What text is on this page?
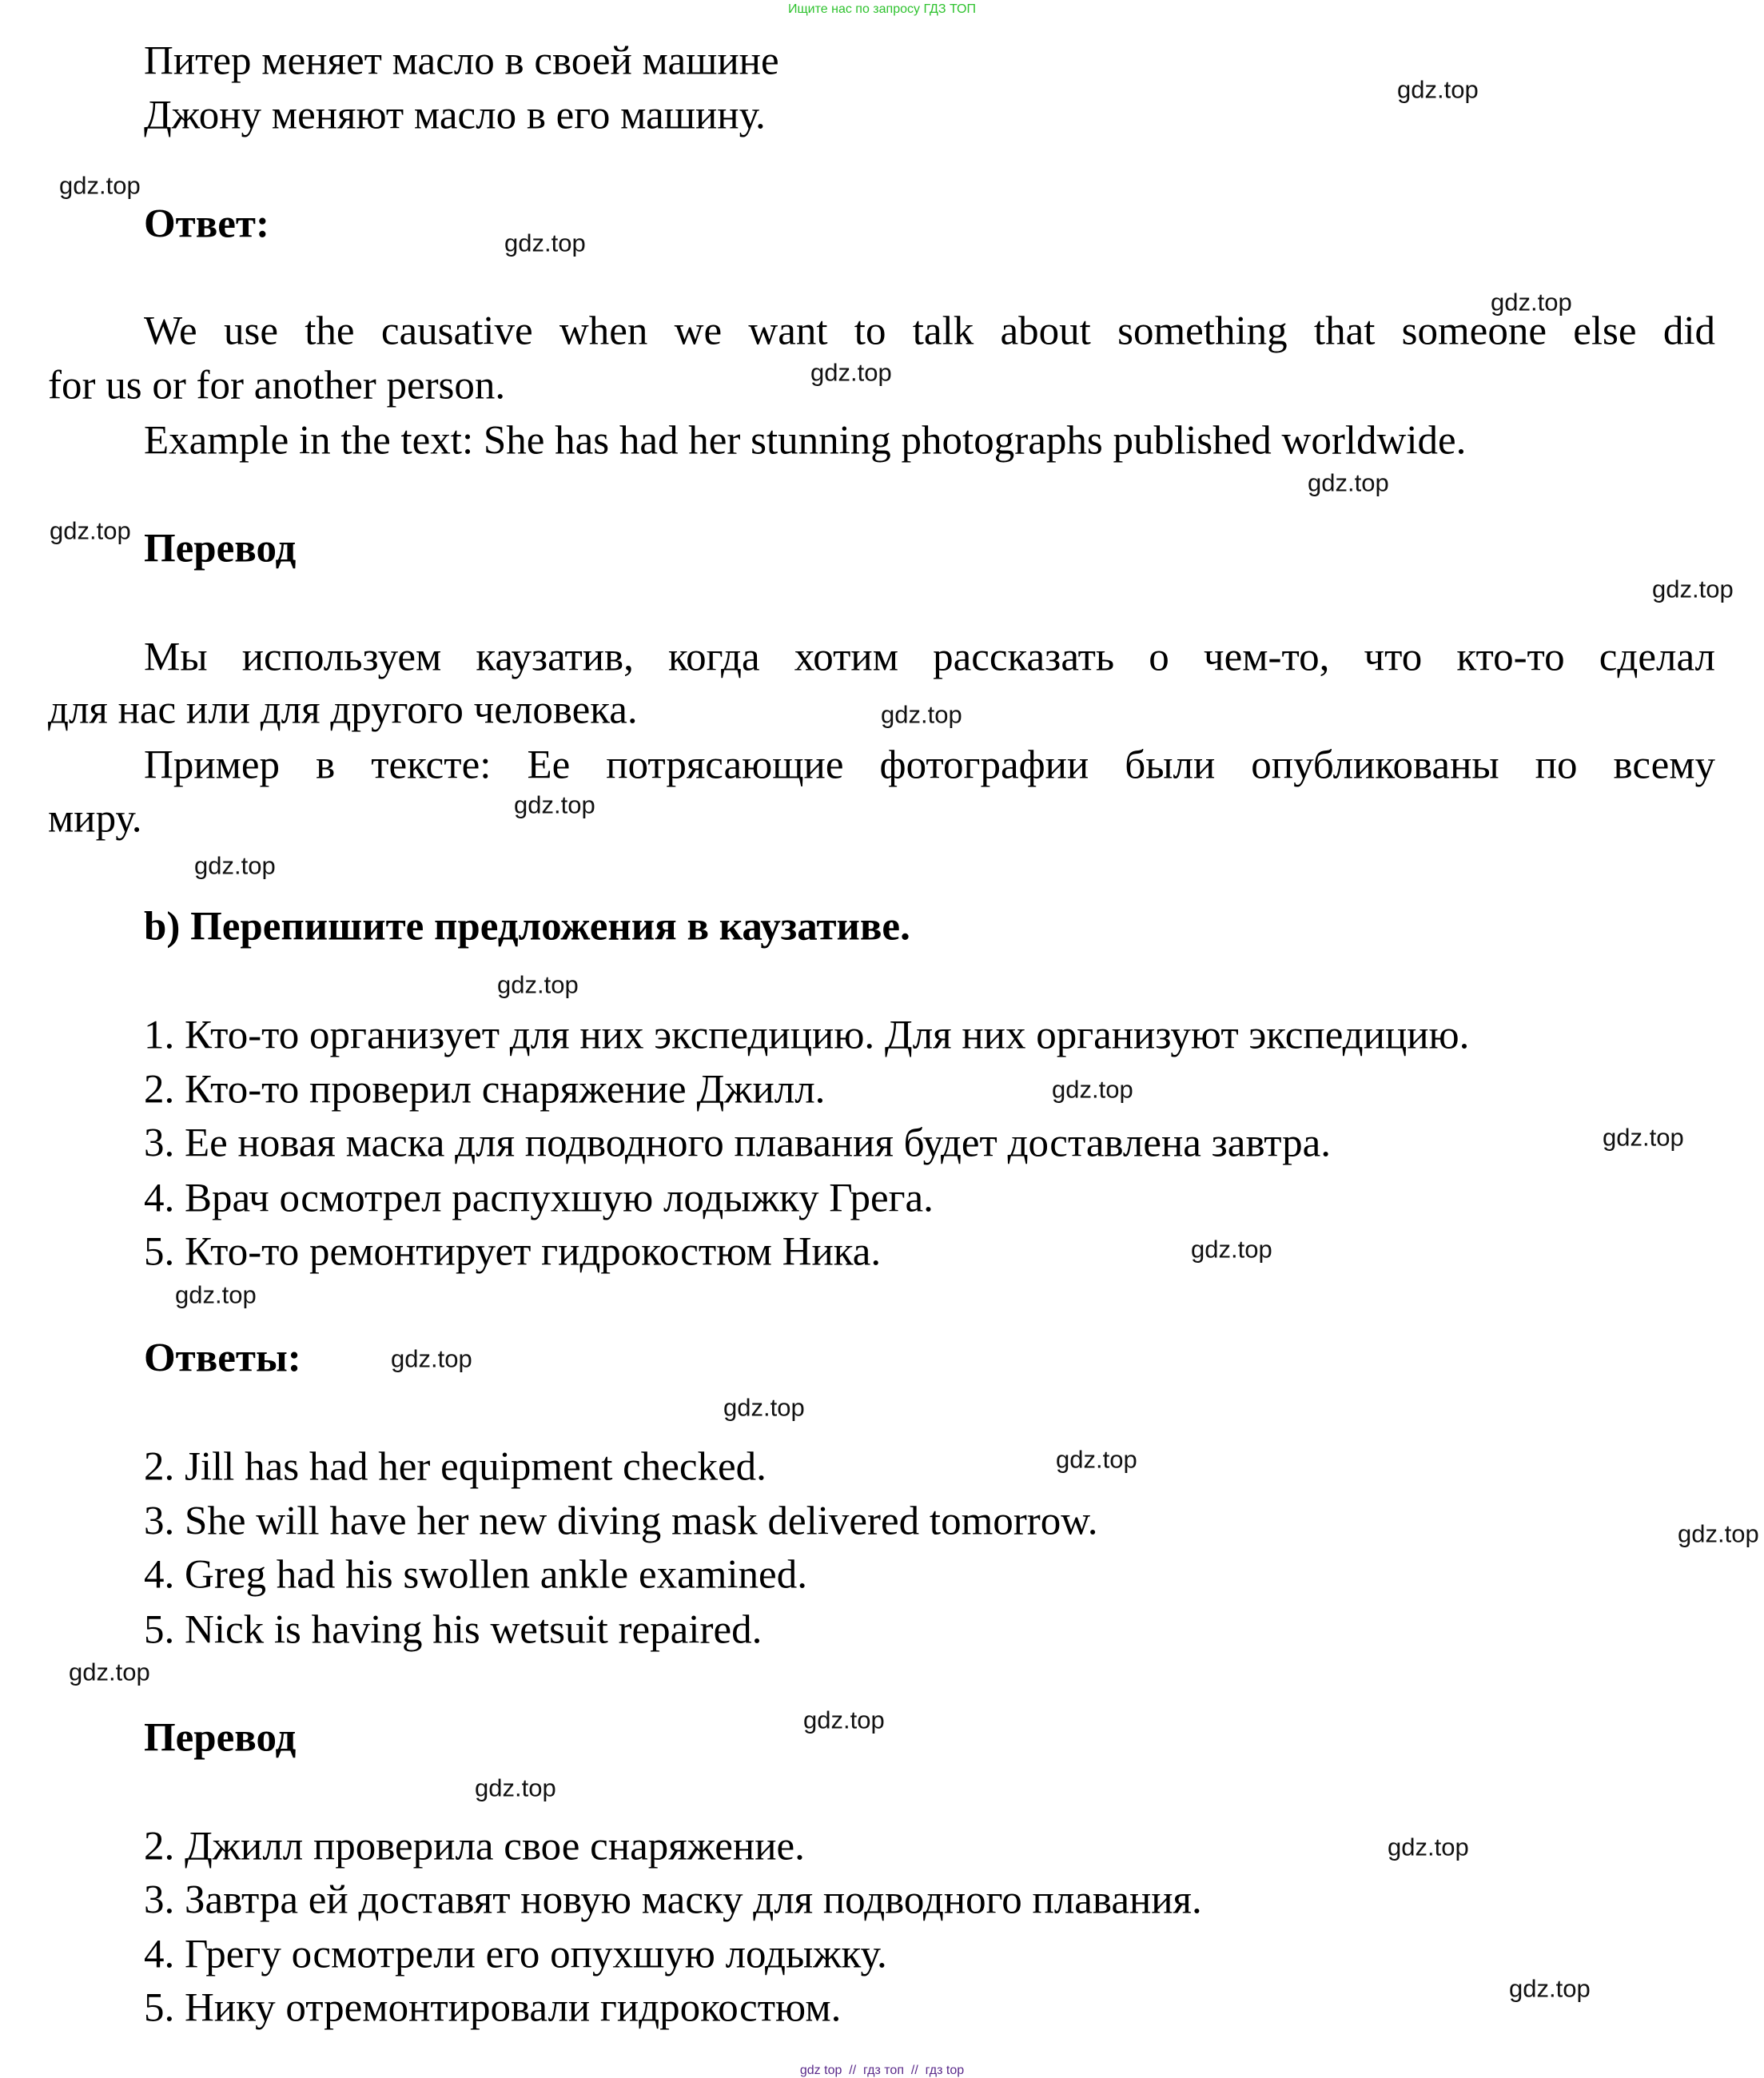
Ищите нас по запросу ГДЗ ТОП
Питер меняет масло в своей машине
Джону меняют масло в его машину.
Ответ:
We use the causative when we want to talk about something that someone else did
for us or for another person.
Example in the text: She has had her stunning photographs published worldwide.
Перевод
Мы используем каузатив, когда хотим рассказать о чем-то, что кто-то сделал
для нас или для другого человека.
Пример в тексте: Ее потрясающие фотографии были опубликованы по всему
миру.
b) Перепишите предложения в каузативе.
1. Кто-то организует для них экспедицию. Для них организуют экспедицию.
2. Кто-то проверил снаряжение Джилл.
3. Ее новая маска для подводного плавания будет доставлена завтра.
4. Врач осмотрел распухшую лодыжку Грега.
5. Кто-то ремонтирует гидрокостюм Ника.
Ответы:
2. Jill has had her equipment checked.
3. She will have her new diving mask delivered tomorrow.
4. Greg had his swollen ankle examined.
5. Nick is having his wetsuit repaired.
Перевод
2. Джилл проверила свое снаряжение.
3. Завтра ей доставят новую маску для подводного плавания.
4. Грегу осмотрели его опухшую лодыжку.
5. Нику отремонтировали гидрокостюм.
gdz.top
gdz.top
gdz.top
gdz.top
gdz.top
gdz.top
gdz.top
gdz.top
gdz.top
gdz.top
gdz.top
gdz.top
gdz.top
gdz.top
gdz.top
gdz.top
gdz.top
gdz.top
gdz.top
gdz.top
gdz.top
gdz.top
gdz.top
gdz.top
gdz.top
gdz top  //  гдз топ  //  гдз top
